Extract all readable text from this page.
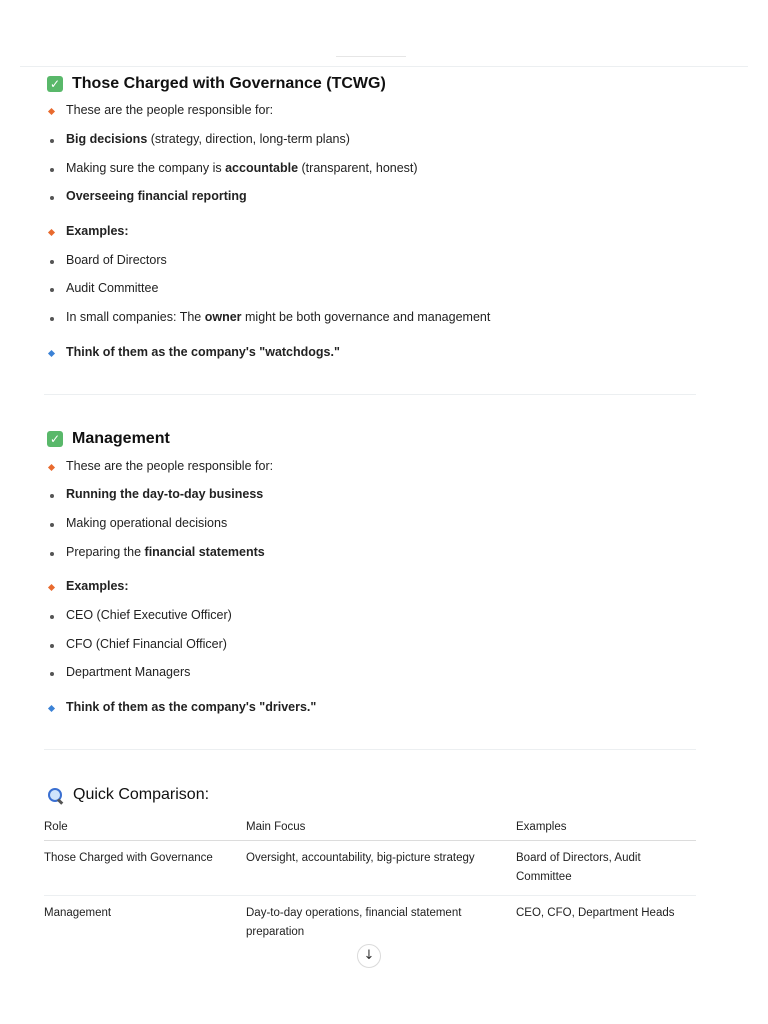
✓ Those Charged with Governance (TCWG)
These are the people responsible for:
Big decisions (strategy, direction, long-term plans)
Making sure the company is accountable (transparent, honest)
Overseeing financial reporting
Examples:
Board of Directors
Audit Committee
In small companies: The owner might be both governance and management
Think of them as the company's "watchdogs."
✓ Management
These are the people responsible for:
Running the day-to-day business
Making operational decisions
Preparing the financial statements
Examples:
CEO (Chief Executive Officer)
CFO (Chief Financial Officer)
Department Managers
Think of them as the company's "drivers."
Quick Comparison:
Role	Main Focus	Examples
Those Charged with Governance	Oversight, accountability, big-picture strategy	Board of Directors, Audit Committee
Management	Day-to-day operations, financial statement preparation	CEO, CFO, Department Heads
↓
